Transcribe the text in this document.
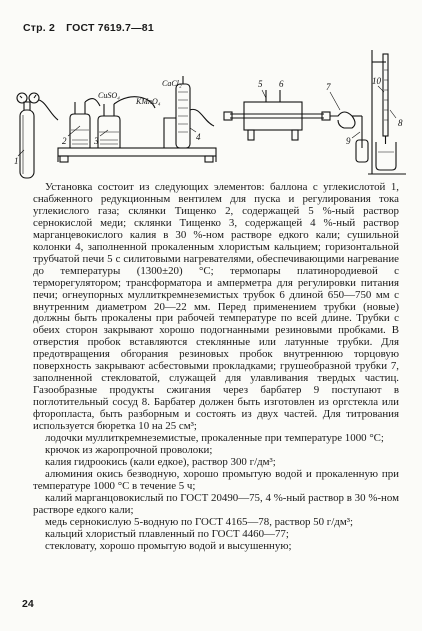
Стр. 2 ГОСТ 7619.7—81
CuSO₄
KMnO₄
CaCl₂
1
2	3	4
5 6	7
8
9
10

Установка состоит из следующих элементов: баллона с углекислотой 1, снабженного редукционным вентилем для пуска и регулирования тока углекислого газа; склянки Тищенко 2, содержащей 5 %-ный раствор сернокислой меди; склянки Тищенко 3, содержащей 4 %-ный раствор марганцевокислого калия в 30 %-ном растворе едкого кали; сушильной колонки 4, заполненной прокаленным хлористым кальцием; горизонтальной трубчатой печи 5 с силитовыми нагревателями, обеспечивающими нагревание до температуры (1300±20) °С; термопары платинородиевой с терморегулятором; трансформатора и амперметра для регулировки питания печи; огнеупорных муллиткремнеземистых трубок 6 длиной 650—750 мм с внутренним диаметром 20—22 мм. Перед применением трубки (новые) должны быть прокалены при рабочей температуре по всей длине. Трубки с обеих сторон закрывают хорошо подогнанными резиновыми пробками. В отверстия пробок вставляются стеклянные или латунные трубки. Для предотвращения обгорания резиновых пробок внутреннюю торцовую поверхность закрывают асбестовыми прокладками; грушеобразной трубки 7, заполненной стекловатой, служащей для улавливания твердых частиц. Газообразные продукты сжигания через барбатер 9 поступают в поглотительный сосуд 8. Барбатер должен быть изготовлен из оргстекла или фторопласта, быть разборным и состоять из двух частей. Для титрования используется бюретка 10 на 25 см³;

лодочки муллиткремнеземистые, прокаленные при температуре 1000 °С;

крючок из жаропрочной проволоки;

калия гидроокись (кали едкое), раствор 300 г/дм³;

алюминия окись безводную, хорошо промытую водой и прокаленную при температуре 1000 °С в течение 5 ч;

калий марганцовокислый по ГОСТ 20490—75, 4 %-ный раствор в 30 %-ном растворе едкого кали;

медь сернокислую 5-водную по ГОСТ 4165—78, раствор 50 г/дм³;

кальций хлористый плавленный по ГОСТ 4460—77;

стекловату, хорошо промытую водой и высушенную;

24
